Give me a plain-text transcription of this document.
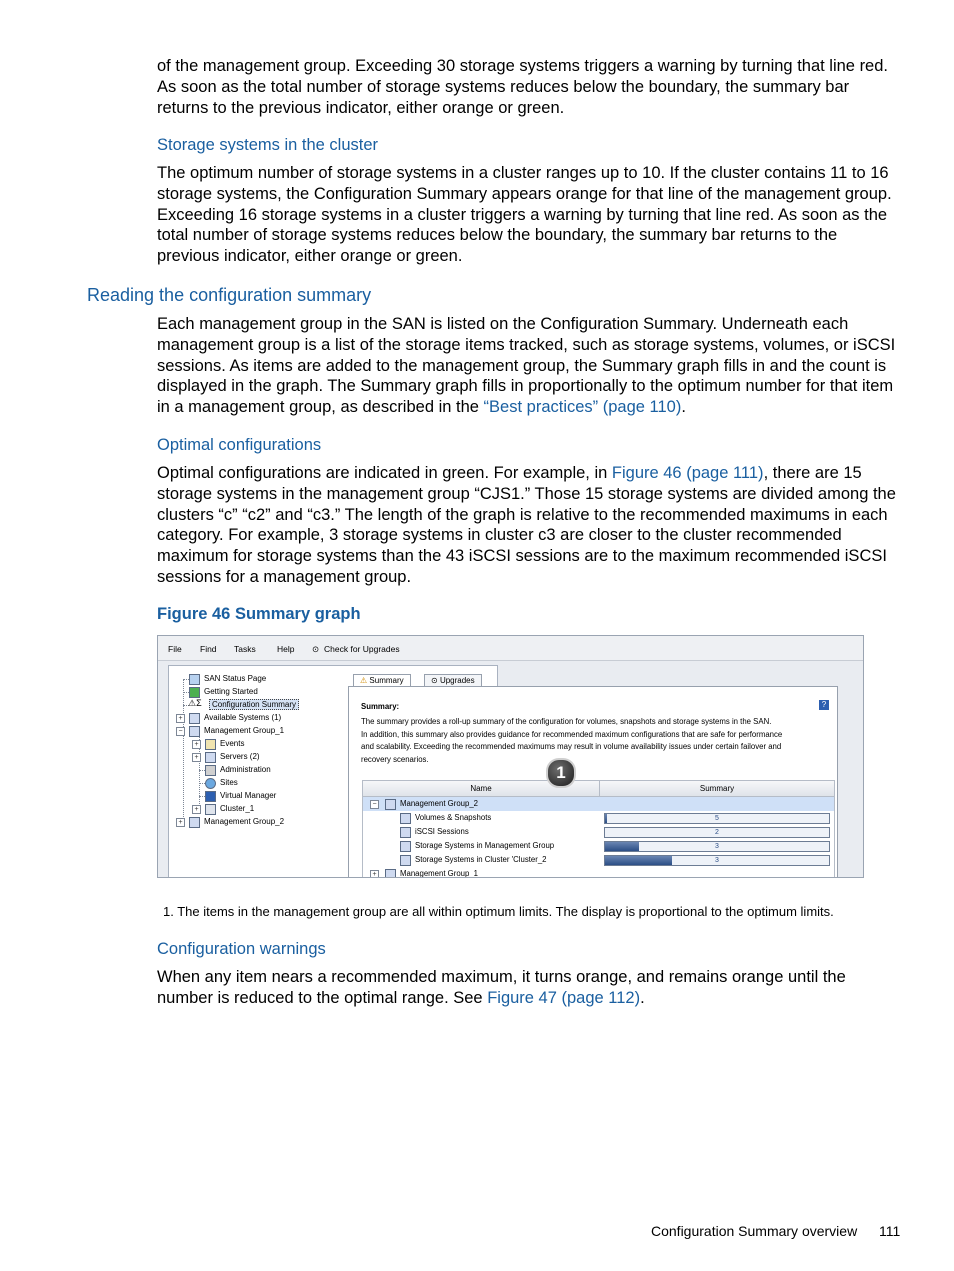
of the management group. Exceeding 30 storage systems triggers a warning by turning that line red. As soon as the total number of storage systems reduces below the boundary, the summary bar returns to the previous indicator, either orange or green.

Storage systems in the cluster

The optimum number of storage systems in a cluster ranges up to 10. If the cluster contains 11 to 16 storage systems, the Configuration Summary appears orange for that line of the management group. Exceeding 16 storage systems in a cluster triggers a warning by turning that line red. As soon as the total number of storage systems reduces below the boundary, the summary bar returns to the previous indicator, either orange or green.

Reading the configuration summary

Each management group in the SAN is listed on the Configuration Summary. Underneath each management group is a list of the storage items tracked, such as storage systems, volumes, or iSCSI sessions. As items are added to the management group, the Summary graph fills in and the count is displayed in the graph. The Summary graph fills in proportionally to the optimum number for that item in a management group, as described in the “Best practices” (page 110).

Optimal configurations

Optimal configurations are indicated in green. For example, in Figure 46 (page 111), there are 15 storage systems in the management group “CJS1.” Those 15 storage systems are divided among the clusters “c” “c2” and “c3.” The length of the graph is relative to the recommended maximums in each category. For example, 3 storage systems in cluster c3 are closer to the cluster recommended maximum for storage systems than the 43 iSCSI sessions are to the maximum recommended iSCSI sessions for a management group.

Figure 46 Summary graph
File Find Tasks	Help ⊙ Check for Upgrades
SAN Status Page
Getting Started
⚠Σ	Configuration Summary
+	Available Systems (1)
−	Management Group_1
+	Events
+	Servers (2)
Administration
Sites
Virtual Manager
+	Cluster_1
+	Management Group_2
⚠ Summary	⊙ Upgrades
Summary:	?
The summary provides a roll-up summary of the configuration for volumes, snapshots and storage systems in the SAN.
In addition, this summary also provides guidance for recommended maximum configurations that are safe for performance
and scalability. Exceeding the recommended maximums may result in volume availability issues under certain failover and
recovery scenarios.
Name	Summary
−	Management Group_2
Volumes & Snapshots	5
iSCSI Sessions	2
Storage Systems in Management Group	3
Storage Systems in Cluster 'Cluster_2	3
+	Management Group_1
1
1. The items in the management group are all within optimum limits. The display is proportional to the optimum limits.

Configuration warnings

When any item nears a recommended maximum, it turns orange, and remains orange until the number is reduced to the optimal range. See Figure 47 (page 112).

Configuration Summary overview 111
